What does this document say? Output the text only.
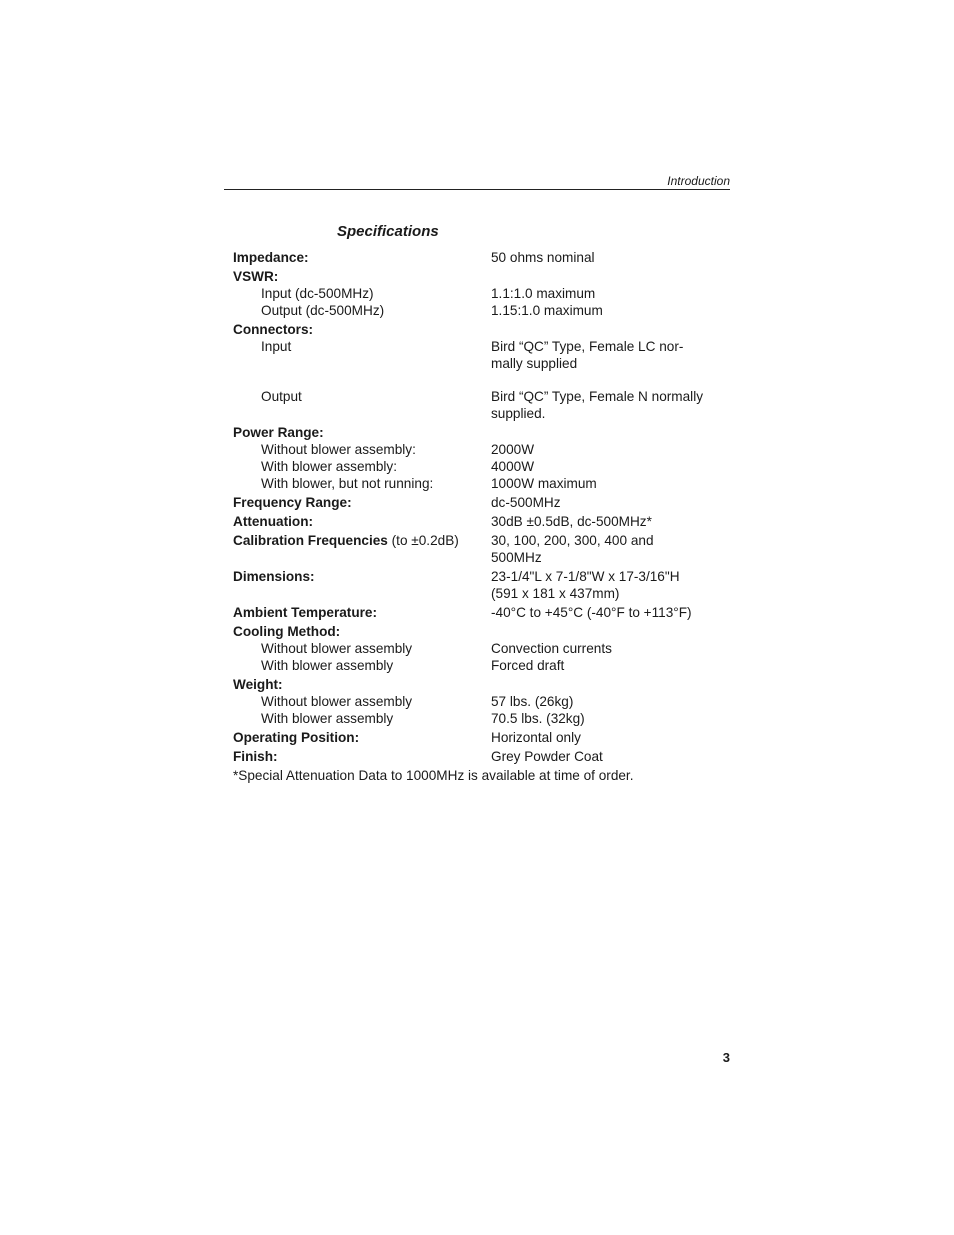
Introduction
Specifications
Impedance:	50 ohms nominal
VSWR:
Input (dc-500MHz)	1.1:1.0 maximum
Output (dc-500MHz)	1.15:1.0 maximum
Connectors:
Input	Bird “QC” Type, Female LC nor-
mally supplied
Output	Bird “QC” Type, Female N normally
supplied.
Power Range:
Without blower assembly:	2000W
With blower assembly:	4000W
With blower, but not running:	1000W maximum
Frequency Range:	dc-500MHz
Attenuation:	30dB ±0.5dB, dc-500MHz*
Calibration Frequencies (to ±0.2dB)	30, 100, 200, 300, 400 and
500MHz
Dimensions:	23-1/4"L x 7-1/8"W x 17-3/16"H
(591 x 181 x 437mm)
Ambient Temperature:	-40°C to +45°C (-40°F to +113°F)
Cooling Method:
Without blower assembly	Convection currents
With blower assembly	Forced draft
Weight:
Without blower assembly	57 lbs. (26kg)
With blower assembly	70.5 lbs. (32kg)
Operating Position:	Horizontal only
Finish:	Grey Powder Coat
*Special Attenuation Data to 1000MHz is available at time of order.
3
